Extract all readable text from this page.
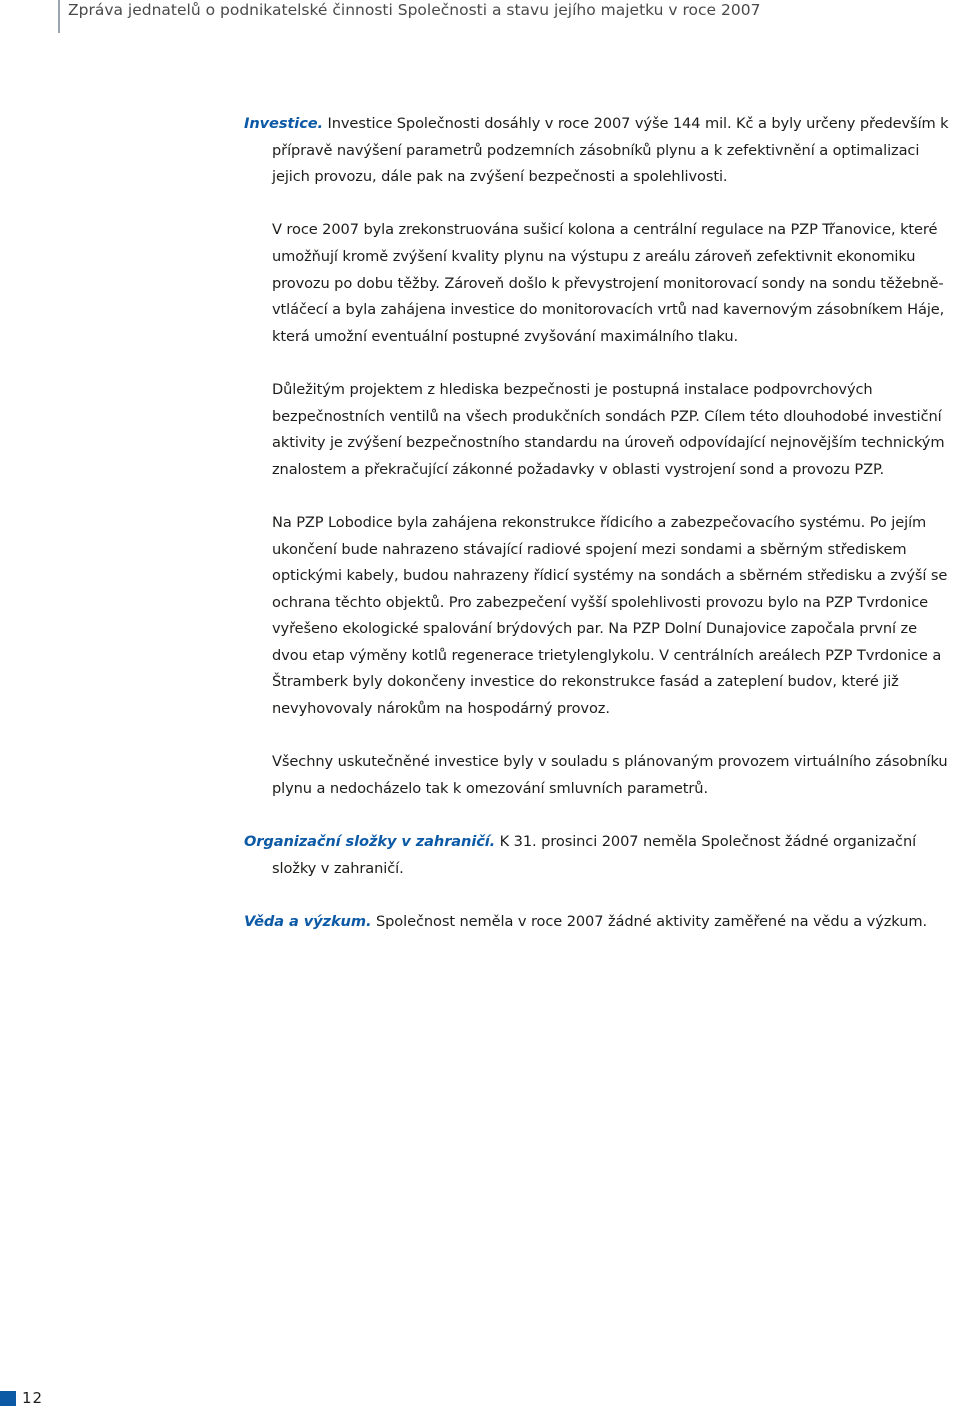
Zpráva jednatelů o podnikatelské činnosti Společnosti a stavu jejího majetku v roce 2007

Investice. Investice Společnosti dosáhly v roce 2007 výše 144 mil. Kč a byly určeny především k přípravě navýšení parametrů podzemních zásobníků plynu a k zefektivnění a optimalizaci jejich provozu, dále pak na zvýšení bezpečnosti a spolehlivosti.

V roce 2007 byla zrekonstruována sušicí kolona a centrální regulace na PZP Třanovice, které umožňují kromě zvýšení kvality plynu na výstupu z areálu zároveň zefektivnit ekonomiku provozu po dobu těžby. Zároveň došlo k převystrojení monitorovací sondy na sondu těžebně-vtláčecí a byla zahájena investice do monitorovacích vrtů nad kavernovým zásobníkem Háje, která umožní eventuální postupné zvyšování maximálního tlaku.

Důležitým projektem z hlediska bezpečnosti je postupná instalace podpovrchových bezpečnostních ventilů na všech produkčních sondách PZP. Cílem této dlouhodobé investiční aktivity je zvýšení bezpečnostního standardu na úroveň odpovídající nejnovějším technickým znalostem a překračující zákonné požadavky v oblasti vystrojení sond a provozu PZP.

Na PZP Lobodice byla zahájena rekonstrukce řídicího a zabezpečovacího systému. Po jejím ukončení bude nahrazeno stávající radiové spojení mezi sondami a sběrným střediskem optickými kabely, budou nahrazeny řídicí systémy na sondách a sběrném středisku a zvýší se ochrana těchto objektů. Pro zabezpečení vyšší spolehlivosti provozu bylo na PZP Tvrdonice vyřešeno ekologické spalování brýdových par. Na PZP Dolní Dunajovice započala první ze dvou etap výměny kotlů regenerace trietylenglykolu. V centrálních areálech PZP Tvrdonice a Štramberk byly dokončeny investice do rekonstrukce fasád a zateplení budov, které již nevyhovovaly nárokům na hospodárný provoz.

Všechny uskutečněné investice byly v souladu s plánovaným provozem virtuálního zásobníku plynu a nedocházelo tak k omezování smluvních parametrů.

Organizační složky v zahraničí. K 31. prosinci 2007 neměla Společnost žádné organizační složky v zahraničí.

Věda a výzkum. Společnost neměla v roce 2007 žádné aktivity zaměřené na vědu a výzkum.

12
